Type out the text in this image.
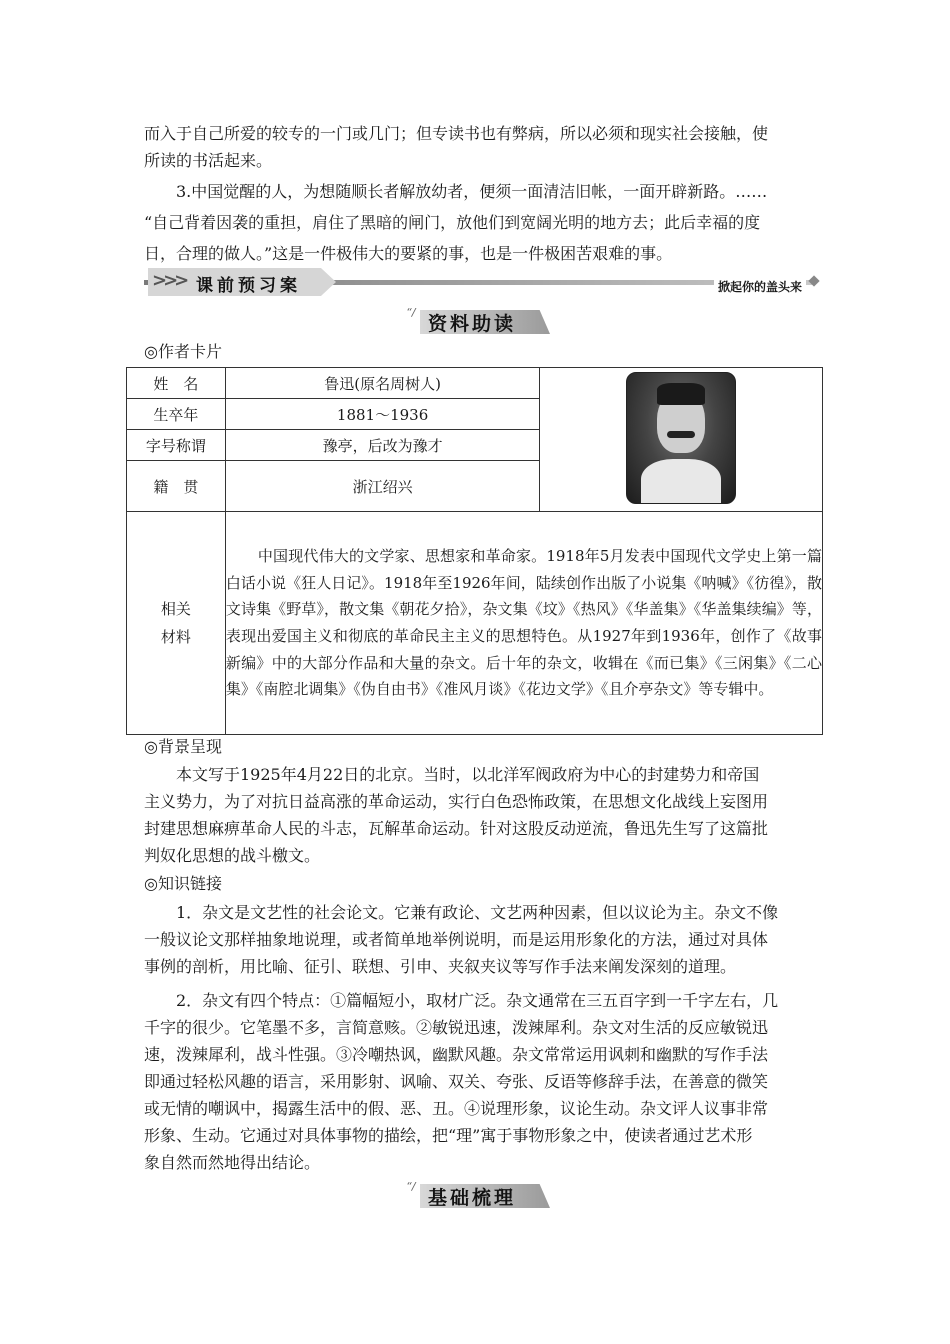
而入于自己所爱的较专的一门或几门；但专读书也有弊病，所以必须和现实社会接触，使

所读的书活起来。

3.中国觉醒的人，为想随顺长者解放幼者，便须一面清洁旧帐，一面开辟新路。……

“自己背着因袭的重担，肩住了黑暗的闸门，放他们到宽阔光明的地方去；此后幸福的度

日，合理的做人。”这是一件极伟大的要紧的事，也是一件极困苦艰难的事。

>>> 课前预习案	掀起你的盖头来
“/
资料助读
◎作者卡片
姓　名	鲁迅(原名周树人)	

生卒年	1881～1936	
字号称谓	豫亭，后改为豫才	
籍　贯	浙江绍兴	

相关
材料	中国现代伟大的文学家、思想家和革命家。1918年5月发表中国现代文学史上第一篇白话小说《狂人日记》。1918年至1926年间，陆续创作出版了小说集《呐喊》《彷徨》，散文诗集《野草》，散文集《朝花夕拾》，杂文集《坟》《热风》《华盖集》《华盖集续编》等，表现出爱国主义和彻底的革命民主主义的思想特色。从1927年到1936年，创作了《故事新编》中的大部分作品和大量的杂文。后十年的杂文，收辑在《而已集》《三闲集》《二心集》《南腔北调集》《伪自由书》《准风月谈》《花边文学》《且介亭杂文》等专辑中。	
◎背景呈现

本文写于1925年4月22日的北京。当时，以北洋军阀政府为中心的封建势力和帝国

主义势力，为了对抗日益高涨的革命运动，实行白色恐怖政策，在思想文化战线上妄图用

封建思想麻痹革命人民的斗志，瓦解革命运动。针对这股反动逆流，鲁迅先生写了这篇批

判奴化思想的战斗檄文。

◎知识链接

1．杂文是文艺性的社会论文。它兼有政论、文艺两种因素，但以议论为主。杂文不像

一般议论文那样抽象地说理，或者简单地举例说明，而是运用形象化的方法，通过对具体

事例的剖析，用比喻、征引、联想、引申、夹叙夹议等写作手法来阐发深刻的道理。

2．杂文有四个特点：①篇幅短小，取材广泛。杂文通常在三五百字到一千字左右，几

千字的很少。它笔墨不多，言简意赅。②敏锐迅速，泼辣犀利。杂文对生活的反应敏锐迅

速，泼辣犀利，战斗性强。③冷嘲热讽，幽默风趣。杂文常常运用讽刺和幽默的写作手法

即通过轻松风趣的语言，采用影射、讽喻、双关、夸张、反语等修辞手法，在善意的微笑

或无情的嘲讽中，揭露生活中的假、恶、丑。④说理形象，议论生动。杂文评人议事非常

形象、生动。它通过对具体事物的描绘，把“理”寓于事物形象之中，使读者通过艺术形

象自然而然地得出结论。

“/
基础梳理
